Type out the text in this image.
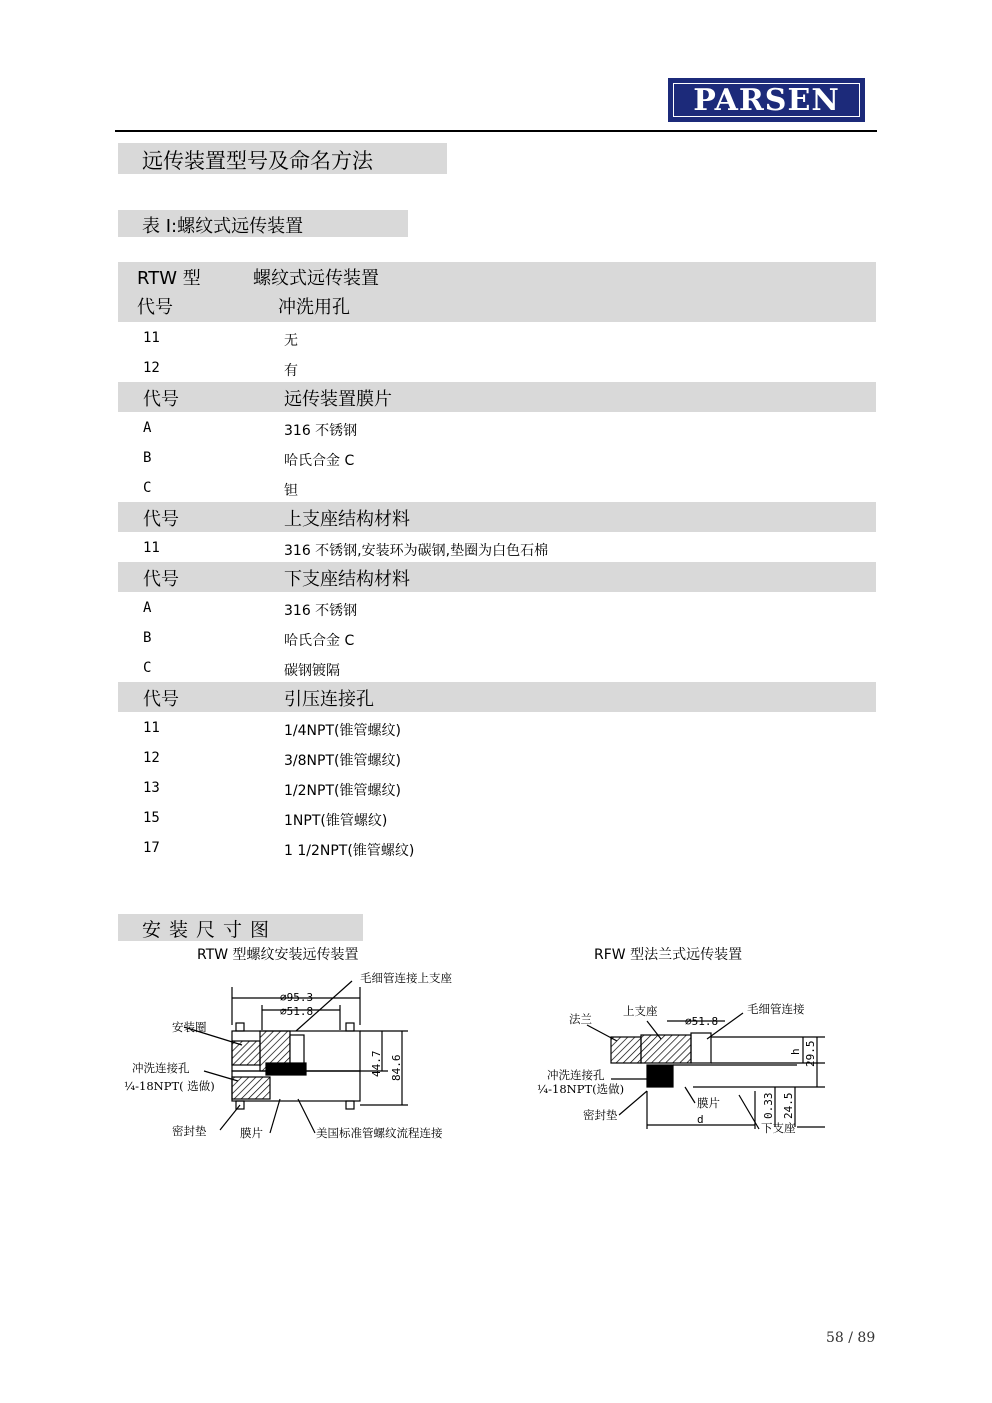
PARSEN
远传装置型号及命名方法
表 I:螺纹式远传装置
RTW 型	螺纹式远传装置
代号	冲洗用孔
11	无
12	有
代号	远传装置膜片
A	316 不锈钢
B	哈氏合金 C
C	钽
代号	上支座结构材料
11	316 不锈钢,安装环为碳钢,垫圈为白色石棉
代号	下支座结构材料
A	316 不锈钢
B	哈氏合金 C
C	碳钢镀隔
代号	引压连接孔
11	1/4NPT(锥管螺纹)
12	3/8NPT(锥管螺纹)
13	1/2NPT(锥管螺纹)
15	1NPT(锥管螺纹)
17	1 1/2NPT(锥管螺纹)
安装尺寸图
RTW 型螺纹安装远传装置	RFW 型法兰式远传装置
∅95.3
∅51.8
44.7 84.6
毛细管连接上支座
安装圈
冲洗连接孔
¼-18NPT( 选做)
密封垫	膜片	美国标准管螺纹流程连接
∅51.8
h 29.5
0.33 24.5
d
法兰
上支座	毛细管连接
冲洗连接孔
¼-18NPT(选做)
膜片
密封垫
下支座
58 / 89
